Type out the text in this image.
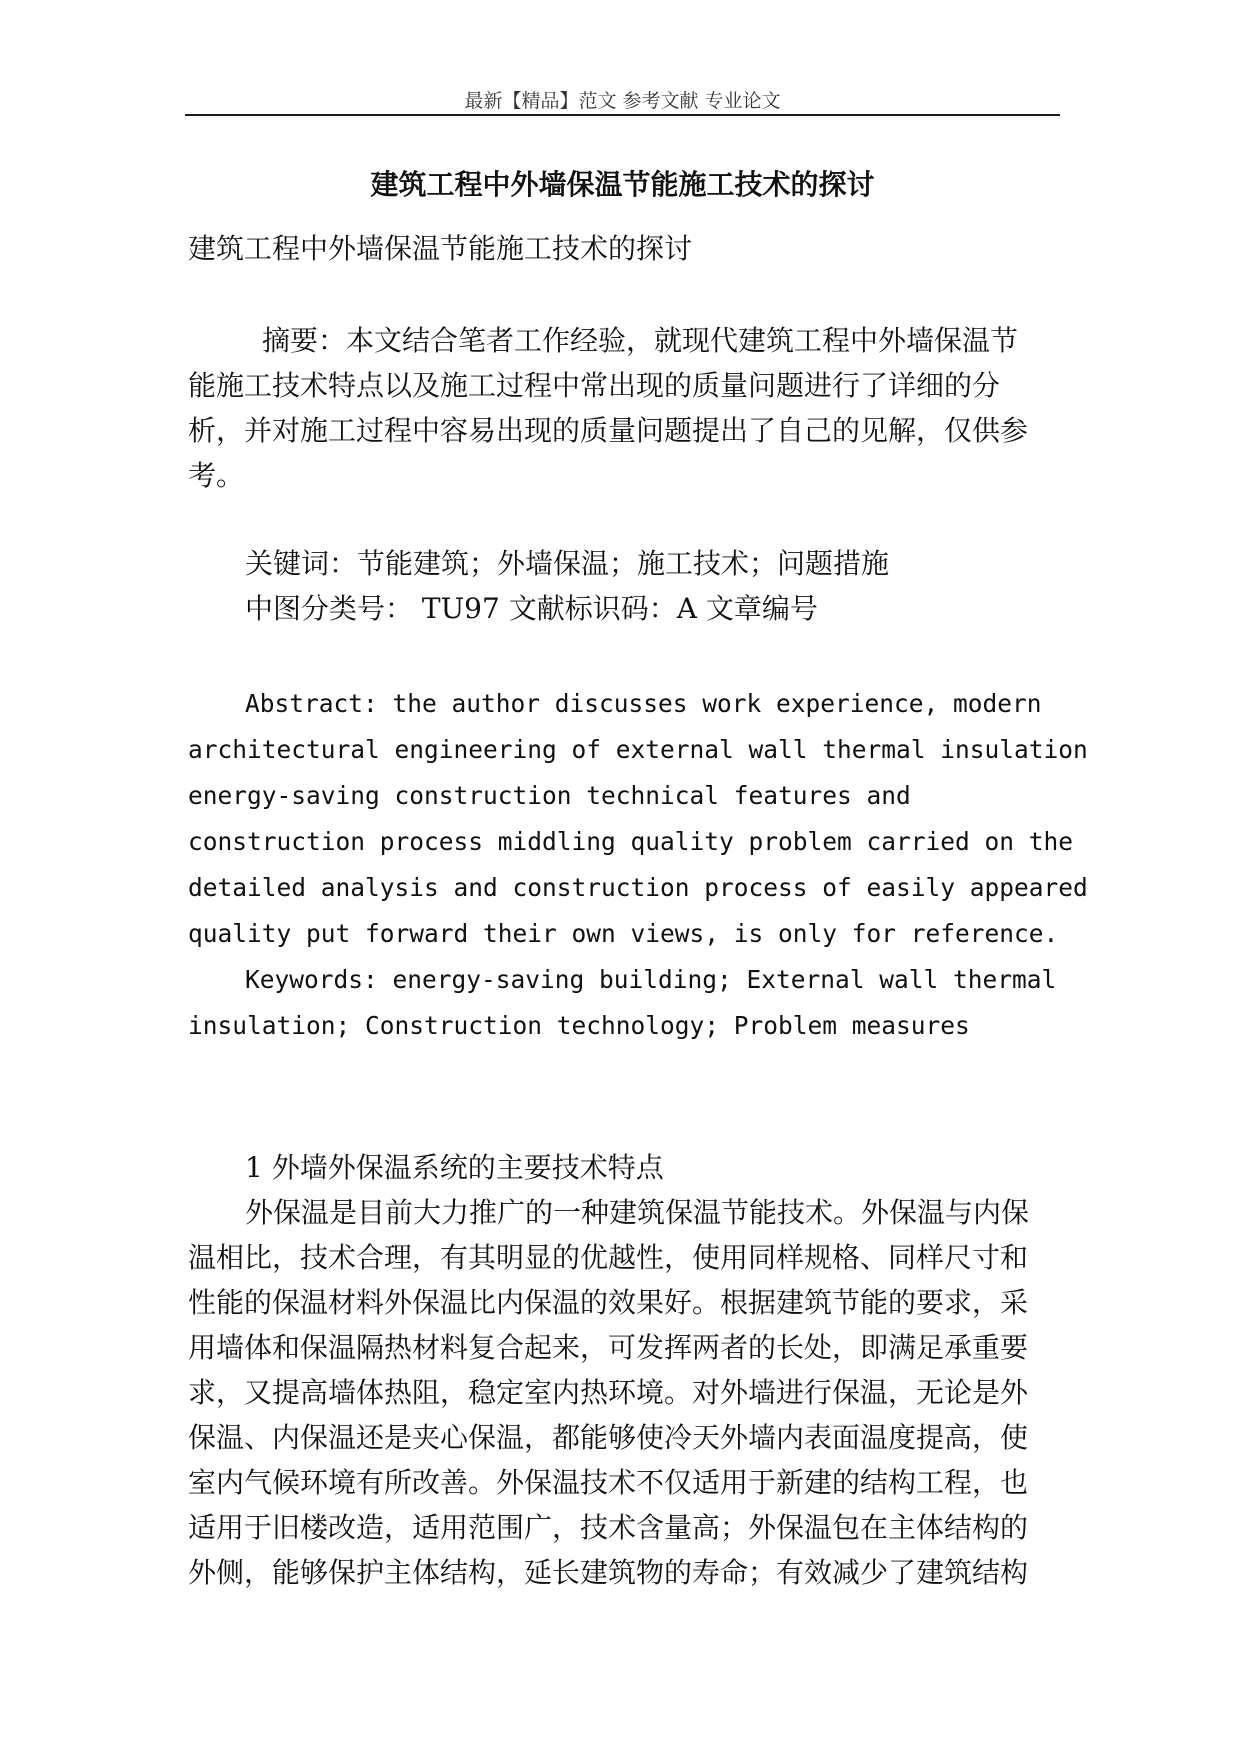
最新【精品】范文 参考文献 专业论文
建筑工程中外墙保温节能施工技术的探讨
建筑工程中外墙保温节能施工技术的探讨
摘要：本文结合笔者工作经验，就现代建筑工程中外墙保温节
能施工技术特点以及施工过程中常出现的质量问题进行了详细的分
析，并对施工过程中容易出现的质量问题提出了自己的见解，仅供参
考。
关键词：节能建筑；外墙保温；施工技术；问题措施
中图分类号： TU97 文献标识码：A 文章编号
Abstract: the author discusses work experience, modern
architectural engineering of external wall thermal insulation
energy-saving construction technical features and
construction process middling quality problem carried on the
detailed analysis and construction process of easily appeared
quality put forward their own views, is only for reference.
Keywords: energy-saving building; External wall thermal
insulation; Construction technology; Problem measures
1 外墙外保温系统的主要技术特点
外保温是目前大力推广的一种建筑保温节能技术。外保温与内保
温相比，技术合理，有其明显的优越性，使用同样规格、同样尺寸和
性能的保温材料外保温比内保温的效果好。根据建筑节能的要求，采
用墙体和保温隔热材料复合起来，可发挥两者的长处，即满足承重要
求，又提高墙体热阻，稳定室内热环境。对外墙进行保温，无论是外
保温、内保温还是夹心保温，都能够使冷天外墙内表面温度提高，使
室内气候环境有所改善。外保温技术不仅适用于新建的结构工程，也
适用于旧楼改造，适用范围广，技术含量高；外保温包在主体结构的
外侧，能够保护主体结构，延长建筑物的寿命；有效减少了建筑结构
